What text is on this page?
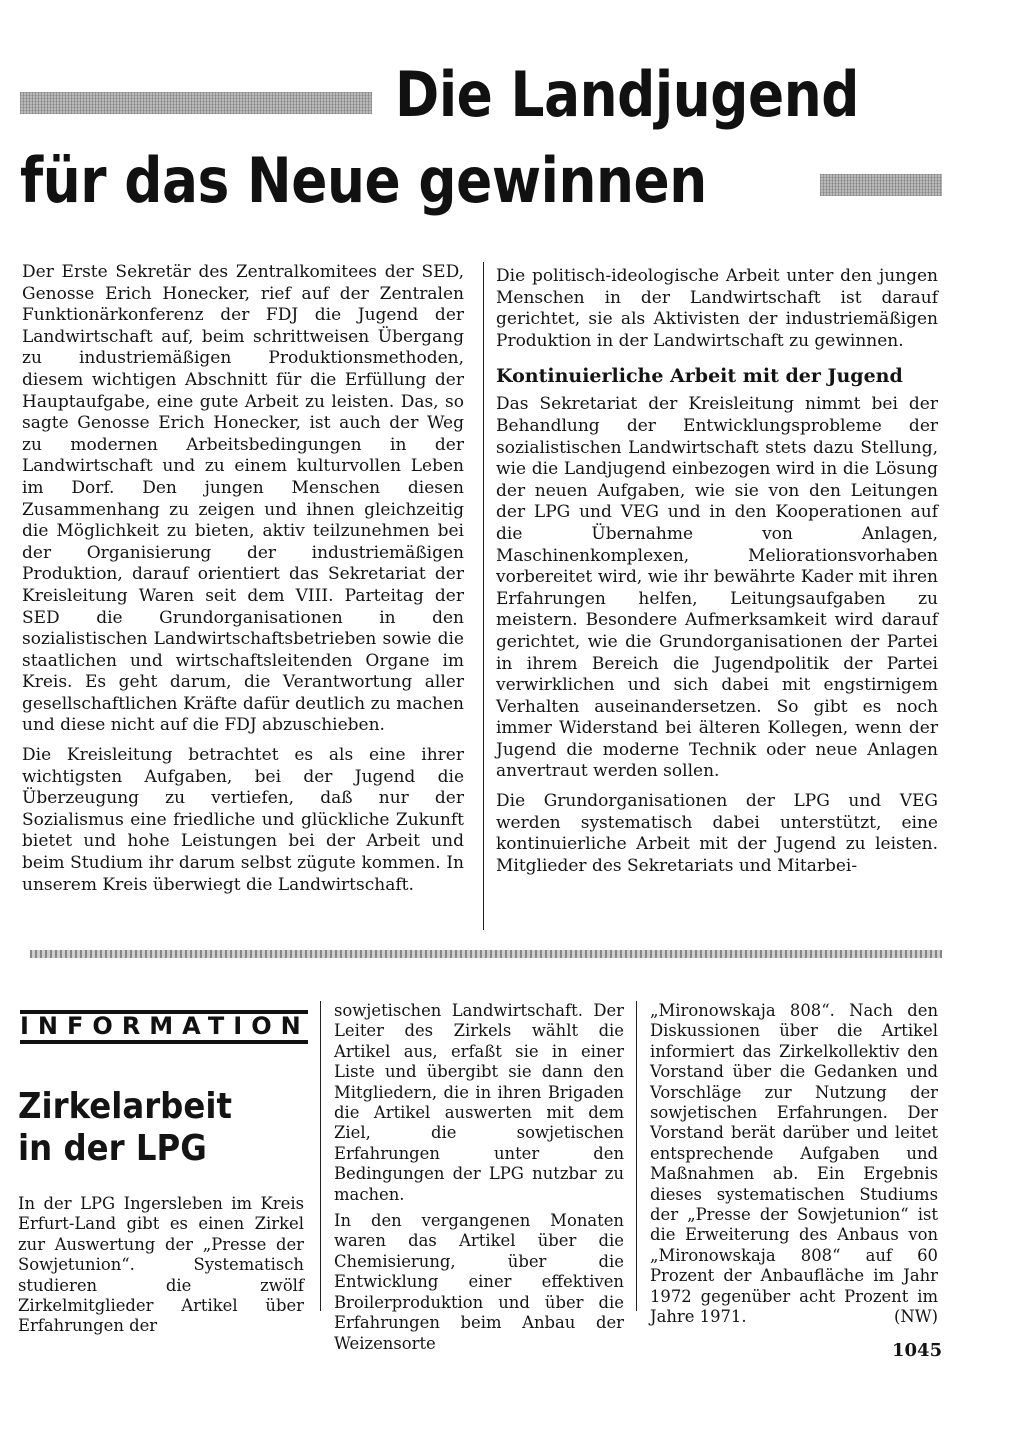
Die Landjugend
für das Neue gewinnen

Der Erste Sekretär des Zentralkomitees der SED, Genosse Erich Honecker, rief auf der Zentralen Funktionärkonferenz der FDJ die Jugend der Landwirtschaft auf, beim schrittweisen Übergang zu industriemäßigen Produktionsmethoden, diesem wichtigen Abschnitt für die Erfüllung der Hauptaufgabe, eine gute Arbeit zu leisten. Das, so sagte Genosse Erich Honecker, ist auch der Weg zu modernen Arbeitsbedingungen in der Landwirtschaft und zu einem kulturvollen Leben im Dorf. Den jungen Menschen diesen Zusammenhang zu zeigen und ihnen gleichzeitig die Möglichkeit zu bieten, aktiv teilzunehmen bei der Organisierung der industriemäßigen Produktion, darauf orientiert das Sekretariat der Kreisleitung Waren seit dem VIII. Parteitag der SED die Grundorganisationen in den sozialistischen Landwirtschaftsbetrieben sowie die staatlichen und wirtschaftsleitenden Organe im Kreis. Es geht darum, die Verantwortung aller gesellschaftlichen Kräfte dafür deutlich zu machen und diese nicht auf die FDJ abzuschieben.

Die Kreisleitung betrachtet es als eine ihrer wichtigsten Aufgaben, bei der Jugend die Überzeugung zu vertiefen, daß nur der Sozialismus eine friedliche und glückliche Zukunft bietet und hohe Leistungen bei der Arbeit und beim Studium ihr darum selbst zügute kommen. In unserem Kreis überwiegt die Landwirtschaft.

Die politisch-ideologische Arbeit unter den jungen Menschen in der Landwirtschaft ist darauf gerichtet, sie als Aktivisten der industriemäßigen Produktion in der Landwirtschaft zu gewinnen.

Kontinuierliche Arbeit mit der Jugend

Das Sekretariat der Kreisleitung nimmt bei der Behandlung der Entwicklungsprobleme der sozialistischen Landwirtschaft stets dazu Stellung, wie die Landjugend einbezogen wird in die Lösung der neuen Aufgaben, wie sie von den Leitungen der LPG und VEG und in den Kooperationen auf die Übernahme von Anlagen, Maschinenkomplexen, Meliorationsvorhaben vorbereitet wird, wie ihr bewährte Kader mit ihren Erfahrungen helfen, Leitungsaufgaben zu meistern. Besondere Aufmerksamkeit wird darauf gerichtet, wie die Grundorganisationen der Partei in ihrem Bereich die Jugendpolitik der Partei verwirklichen und sich dabei mit engstirnigem Verhalten auseinandersetzen. So gibt es noch immer Widerstand bei älteren Kollegen, wenn der Jugend die moderne Technik oder neue Anlagen anvertraut werden sollen.

Die Grundorganisationen der LPG und VEG werden systematisch dabei unterstützt, eine kontinuierliche Arbeit mit der Jugend zu leisten. Mitglieder des Sekretariats und Mitarbei-

INFORMATION
Zirkelarbeit
in der LPG

In der LPG Ingersleben im Kreis Erfurt-Land gibt es einen Zirkel zur Auswertung der „Presse der Sowjetunion“. Systematisch studieren die zwölf Zirkelmitglieder Artikel über Erfahrungen der

sowjetischen Landwirtschaft. Der Leiter des Zirkels wählt die Artikel aus, erfaßt sie in einer Liste und übergibt sie dann den Mitgliedern, die in ihren Brigaden die Artikel auswerten mit dem Ziel, die sowjetischen Erfahrungen unter den Bedingungen der LPG nutzbar zu machen.

In den vergangenen Monaten waren das Artikel über die Chemisierung, über die Entwicklung einer effektiven Broilerproduktion und über die Erfahrungen beim Anbau der Weizensorte

„Mironowskaja 808“. Nach den Diskussionen über die Artikel informiert das Zirkelkollektiv den Vorstand über die Gedanken und Vorschläge zur Nutzung der sowjetischen Erfahrungen. Der Vorstand berät darüber und leitet entsprechende Aufgaben und Maßnahmen ab. Ein Ergebnis dieses systematischen Studiums der „Presse der Sowjetunion“ ist die Erweiterung des Anbaus von „Mironowskaja 808“ auf 60 Prozent der Anbaufläche im Jahr 1972 gegenüber acht Prozent im Jahre 1971.	(NW)

1045
